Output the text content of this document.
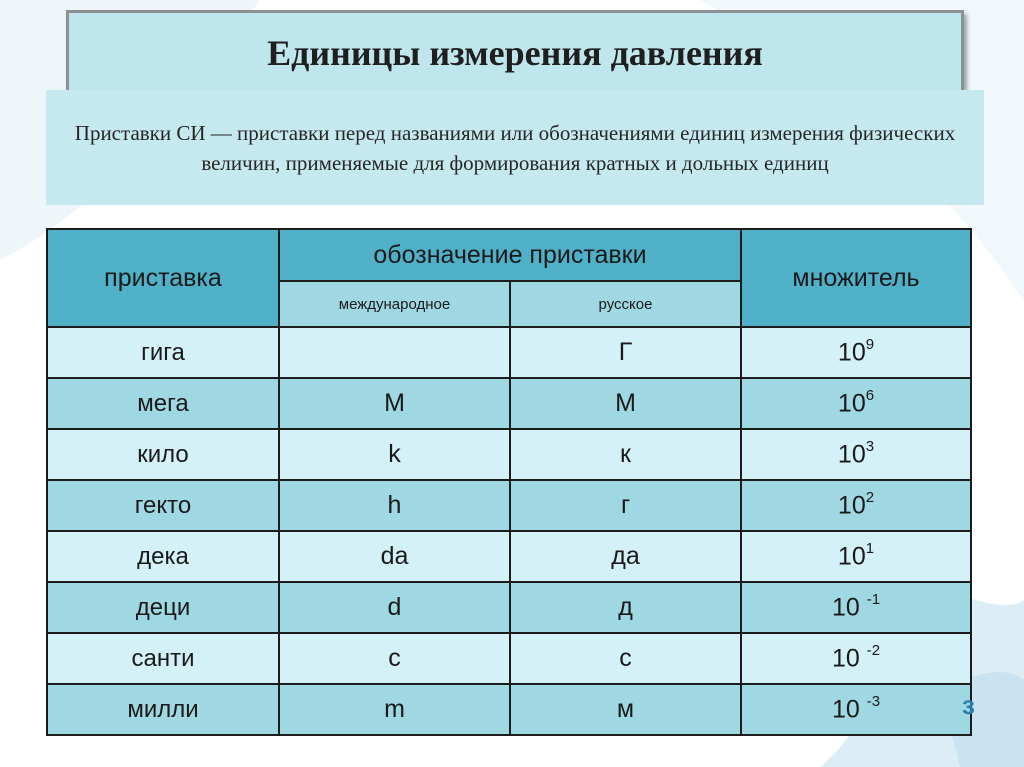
Единицы измерения давления

Приставки СИ — приставки перед названиями или обозначениями единиц измерения физических величин, применяемые для формирования кратных и дольных единиц

приставка	обозначение приставки		множитель
	международное	русское	
гига		Г	$10^9$
мега	M	М	$10^6$
кило	k	к	$10^3$
гекто	h	г	$10^2$
дека	da	да	$10^1$
деци	d	д	10 $^{-1}$
санти	c	с	10 $^{-2}$
милли	m	м	10 $^{-3}$	з
